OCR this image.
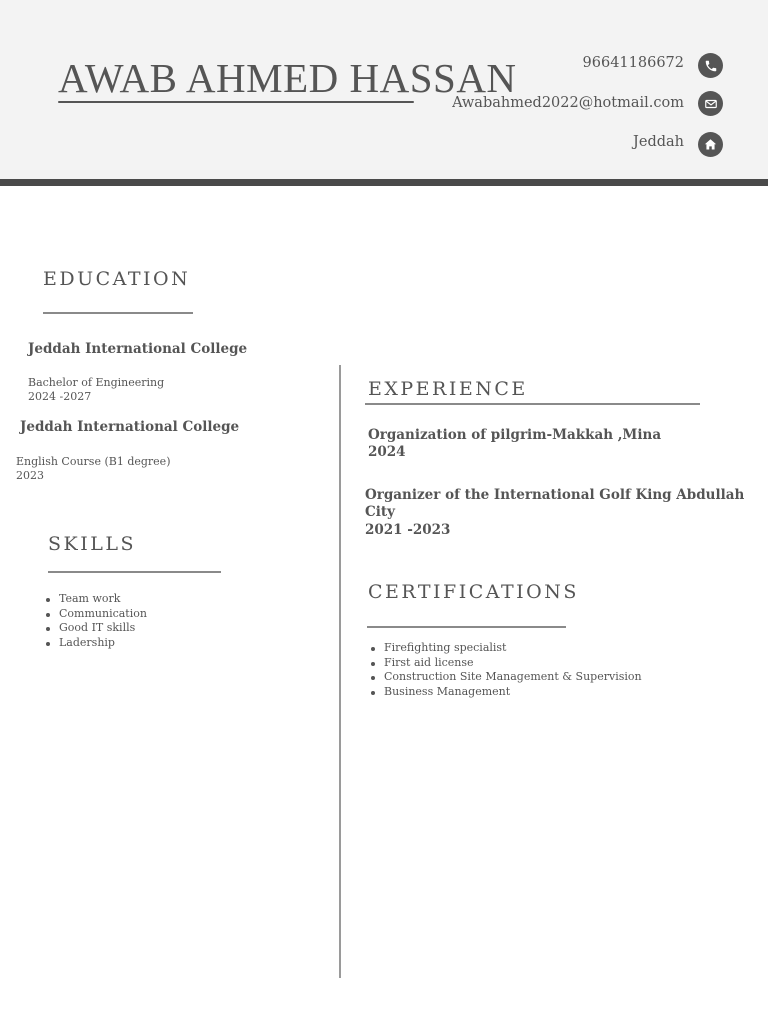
AWAB AHMED HASSAN	96641186672
Awabahmed2022@hotmail.com
Jeddah
EDUCATION
Jeddah International College
Bachelor of Engineering
2024 -2027
Jeddah International College
English Course (B1 degree)
2023
SKILLS
Team work
Communication
Good IT skills
Ladership
EXPERIENCE
Organization of pilgrim-Makkah ,Mina
2024
Organizer of the International Golf King Abdullah
City
2021 -2023
CERTIFICATIONS
Firefighting specialist
First aid license
Construction Site Management & Supervision
Business Management
